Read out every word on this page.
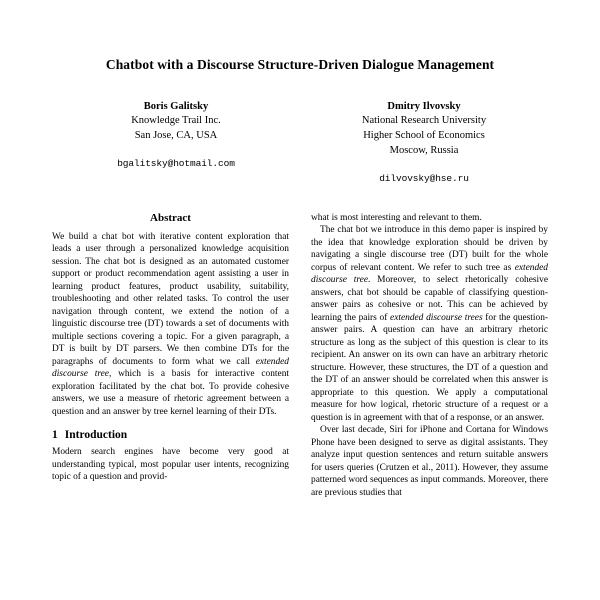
Chatbot with a Discourse Structure-Driven Dialogue Management
Boris Galitsky
Knowledge Trail Inc.
San Jose, CA, USA
bgalitsky@hotmail.com
Dmitry Ilvovsky
National Research University
Higher School of Economics
Moscow, Russia
dilvovsky@hse.ru
Abstract

We build a chat bot with iterative content exploration that leads a user through a personalized knowledge acquisition session. The chat bot is designed as an automated customer support or product recommendation agent assisting a user in learning product features, product usability, suitability, troubleshooting and other related tasks. To control the user navigation through content, we extend the notion of a linguistic discourse tree (DT) towards a set of documents with multiple sections covering a topic. For a given paragraph, a DT is built by DT parsers. We then combine DTs for the paragraphs of documents to form what we call extended discourse tree, which is a basis for interactive content exploration facilitated by the chat bot. To provide cohesive answers, we use a measure of rhetoric agreement between a question and an answer by tree kernel learning of their DTs.

1 Introduction

Modern search engines have become very good at understanding typical, most popular user intents, recognizing topic of a question and provid-

what is most interesting and relevant to them.

The chat bot we introduce in this demo paper is inspired by the idea that knowledge exploration should be driven by navigating a single discourse tree (DT) built for the whole corpus of relevant content. We refer to such tree as extended discourse tree. Moreover, to select rhetorically cohesive answers, chat bot should be capable of classifying question-answer pairs as cohesive or not. This can be achieved by learning the pairs of extended discourse trees for the question-answer pairs. A question can have an arbitrary rhetoric structure as long as the subject of this question is clear to its recipient. An answer on its own can have an arbitrary rhetoric structure. However, these structures, the DT of a question and the DT of an answer should be correlated when this answer is appropriate to this question. We apply a computational measure for how logical, rhetoric structure of a request or a question is in agreement with that of a response, or an answer.

Over last decade, Siri for iPhone and Cortana for Windows Phone have been designed to serve as digital assistants. They analyze input question sentences and return suitable answers for users queries (Crutzen et al., 2011). However, they assume patterned word sequences as input commands. Moreover, there are previous studies that
